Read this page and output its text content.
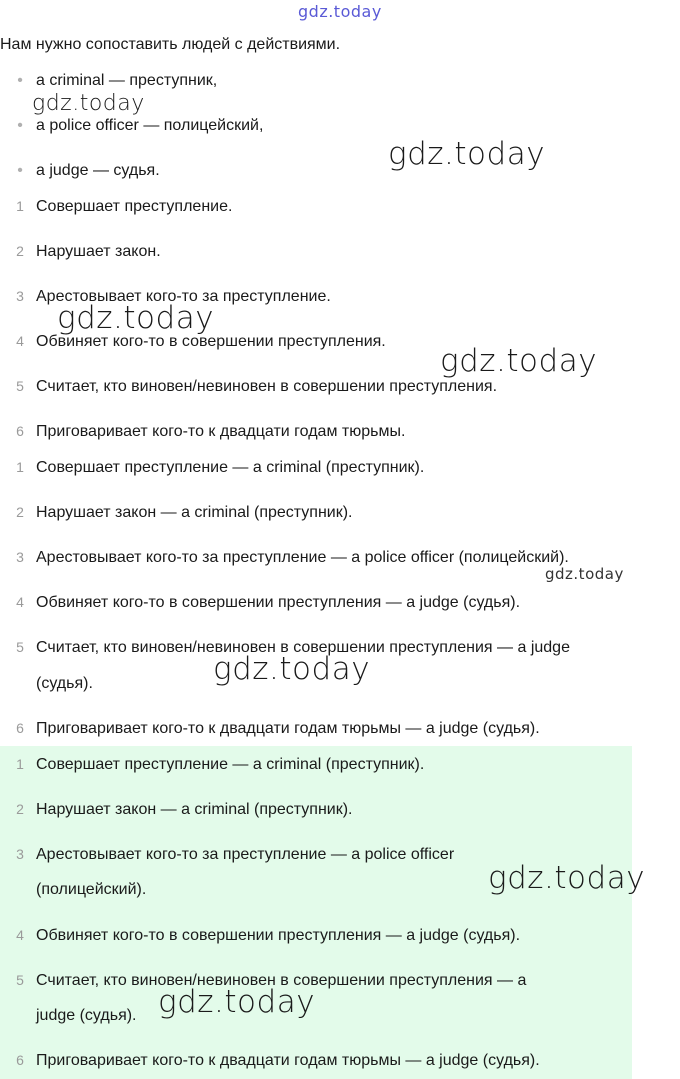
Нам нужно сопоставить людей с действиями.
• a criminal — преступник,
• a police officer — полицейский,
• a judge — судья.
1 Совершает преступление.
2 Нарушает закон.
3 Арестовывает кого-то за преступление.
4 Обвиняет кого-то в совершении преступления.
5 Считает, кто виновен/невиновен в совершении преступления.
6 Приговаривает кого-то к двадцати годам тюрьмы.
1 Совершает преступление — a criminal (преступник).
2 Нарушает закон — a criminal (преступник).
3 Арестовывает кого-то за преступление — a police officer (полицейский).
4 Обвиняет кого-то в совершении преступления — a judge (судья).
5 Считает, кто виновен/невиновен в совершении преступления — a judge
(судья).
6 Приговаривает кого-то к двадцати годам тюрьмы — a judge (судья).
1 Совершает преступление — a criminal (преступник).
2 Нарушает закон — a criminal (преступник).
3 Арестовывает кого-то за преступление — a police officer
(полицейский).
4 Обвиняет кого-то в совершении преступления — a judge (судья).
5 Считает, кто виновен/невиновен в совершении преступления — a
judge (судья).
6 Приговаривает кого-то к двадцати годам тюрьмы — a judge (судья).
gdz.today
gdz.today
gdz.today
gdz.today
gdz.today
gdz.today
gdz.today
gdz.today
gdz.today
